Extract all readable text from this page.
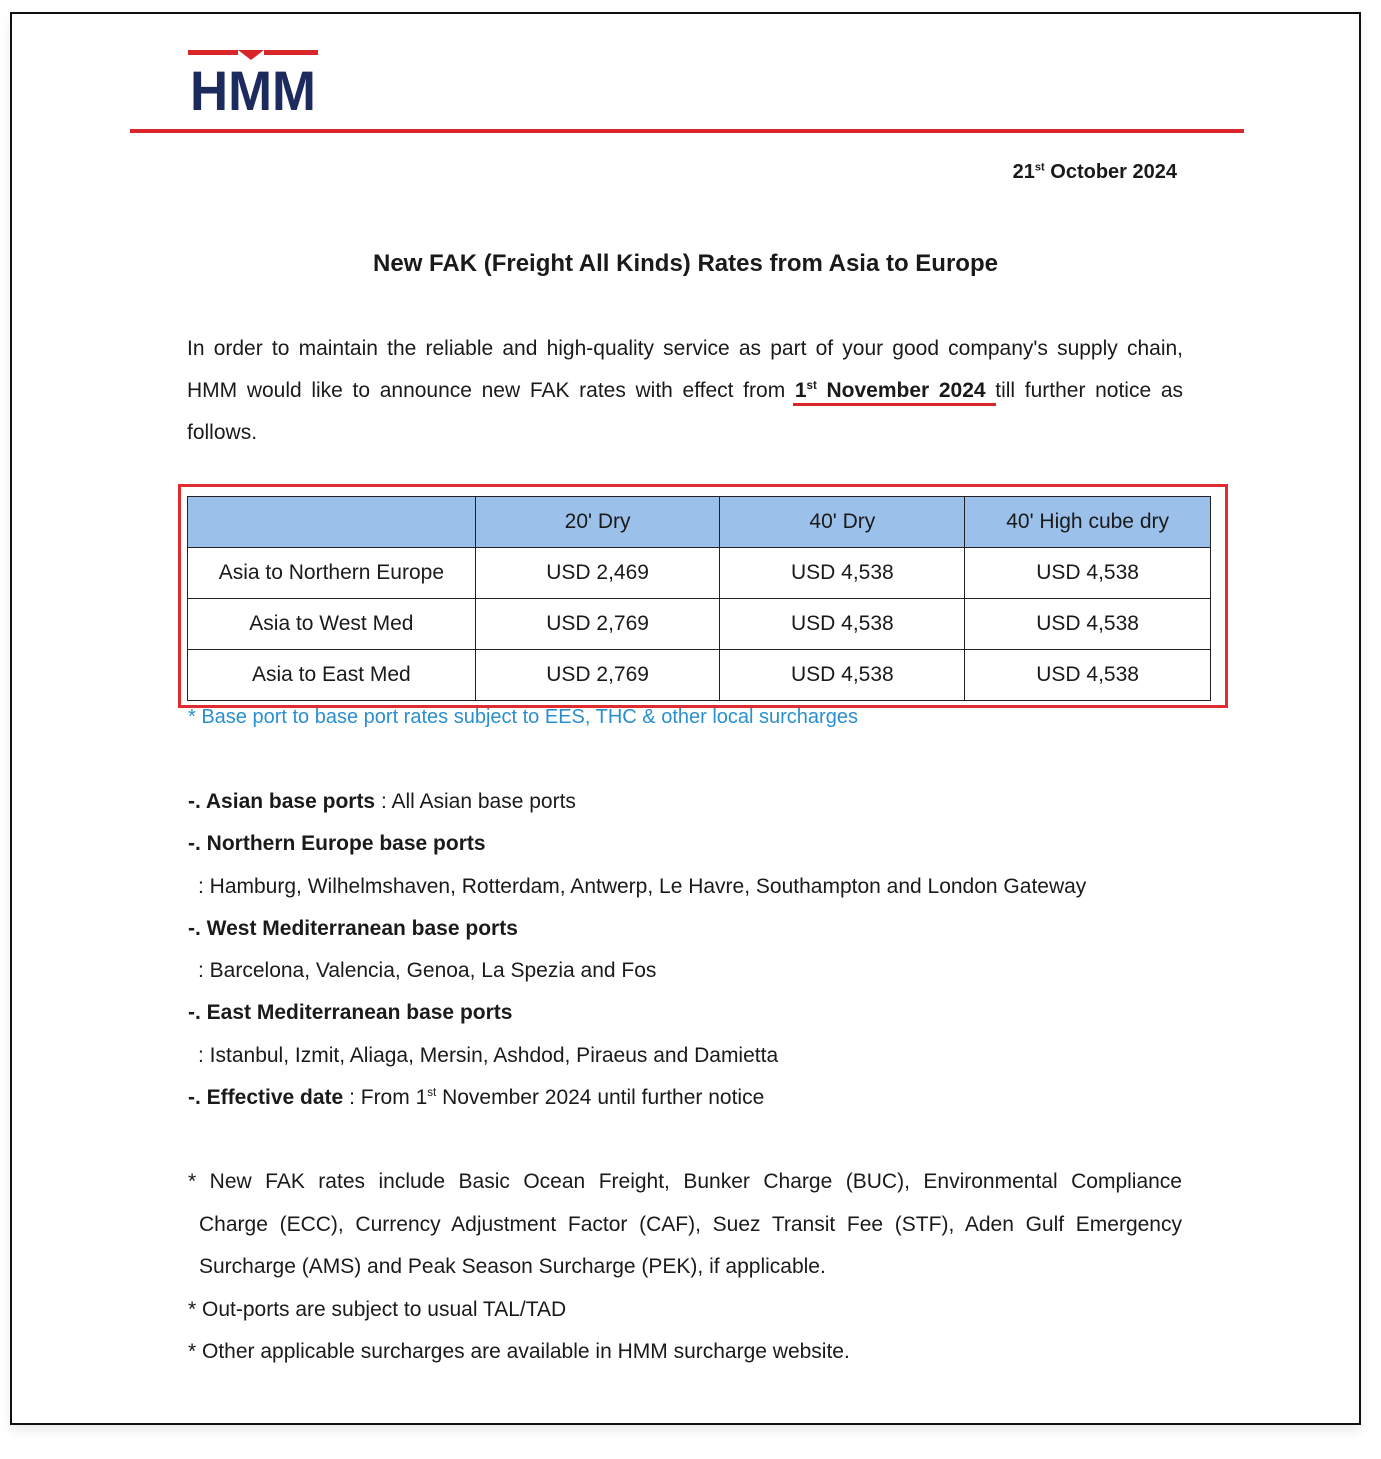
HMM
21st October 2024
New FAK (Freight All Kinds) Rates from Asia to Europe
In order to maintain the reliable and high-quality service as part of your good company's supply chain, HMM would like to announce new FAK rates with effect from 1st November 2024
till further notice as follows.
	20' Dry	40' Dry	40' High cube dry
Asia to Northern Europe	USD 2,469	USD 4,538	USD 4,538
Asia to West Med	USD 2,769	USD 4,538	USD 4,538
Asia to East Med	USD 2,769	USD 4,538	USD 4,538
* Base port to base port rates subject to EES, THC & other local surcharges
-. Asian base ports : All Asian base ports
-. Northern Europe base ports
: Hamburg, Wilhelmshaven, Rotterdam, Antwerp, Le Havre, Southampton and London Gateway
-. West Mediterranean base ports
: Barcelona, Valencia, Genoa, La Spezia and Fos
-. East Mediterranean base ports
: Istanbul, Izmit, Aliaga, Mersin, Ashdod, Piraeus and Damietta
-. Effective date : From 1st November 2024 until further notice
* New FAK rates include Basic Ocean Freight, Bunker Charge (BUC), Environmental Compliance
Charge (ECC), Currency Adjustment Factor (CAF), Suez Transit Fee (STF), Aden Gulf Emergency
Surcharge (AMS) and Peak Season Surcharge (PEK), if applicable.
* Out-ports are subject to usual TAL/TAD
* Other applicable surcharges are available in HMM surcharge website.
